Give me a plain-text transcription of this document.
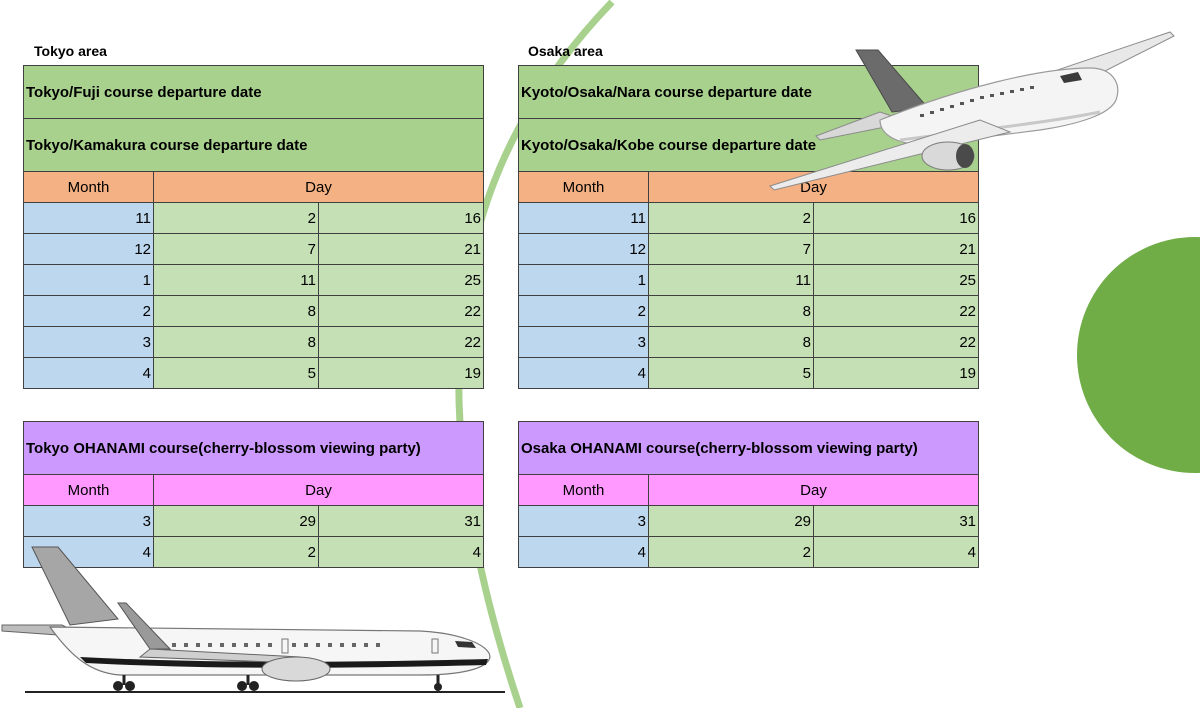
Tokyo area
Tokyo/Fuji course departure date		
Tokyo/Kamakura course departure date		
Month	Day	
11	2	16
12	7	21
1	11	25
2	8	22
3	8	22
4	5	19
Tokyo OHANAMI course(cherry-blossom viewing party)		
Month	Day	
3	29	31
4	2	4
Osaka area
Kyoto/Osaka/Nara course departure date		
Kyoto/Osaka/Kobe course departure date		
Month	Day	
11	2	16
12	7	21
1	11	25
2	8	22
3	8	22
4	5	19
Osaka OHANAMI course(cherry-blossom viewing party)		
Month	Day	
3	29	31
4	2	4
